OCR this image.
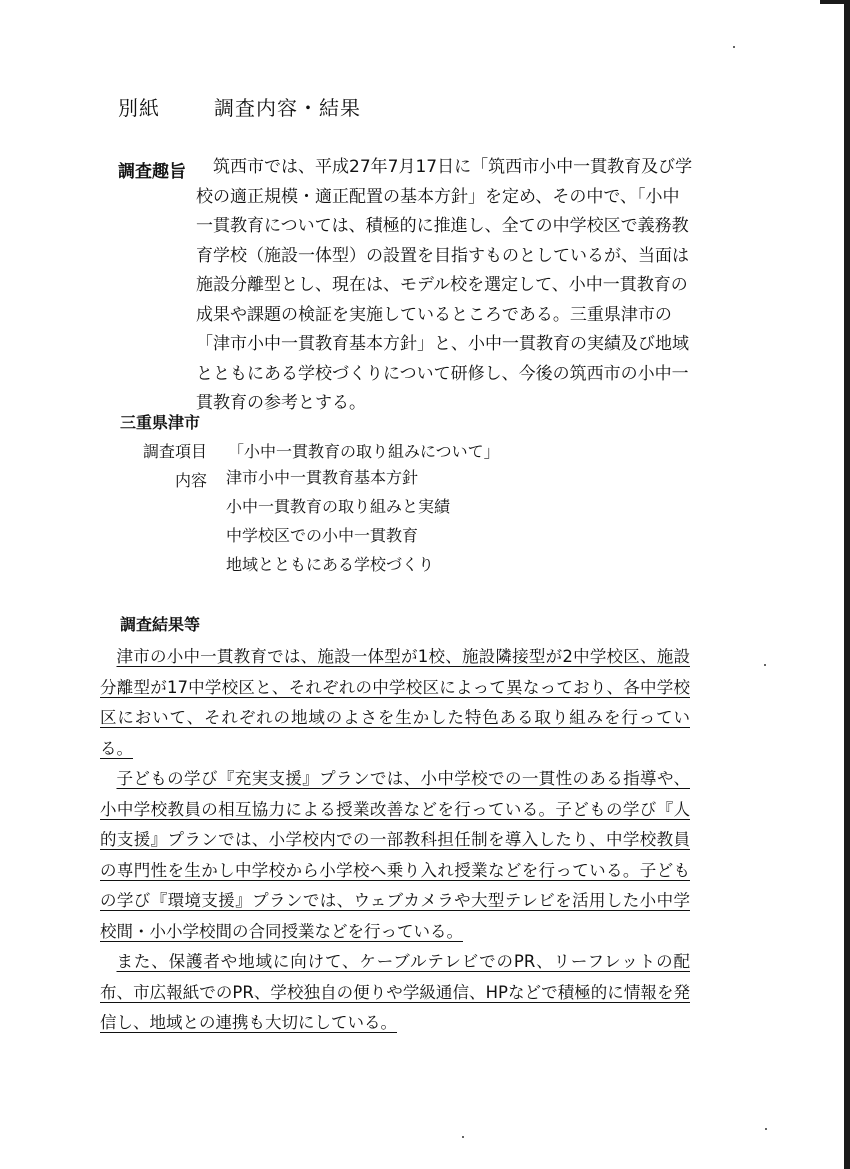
別紙	調査内容・結果
調査趣旨	筑西市では、平成27年7月17日に「筑西市小中一貫教育及び学校の適正規模・適正配置の基本方針」を定め、その中で、「小中一貫教育については、積極的に推進し、全ての中学校区で義務教育学校（施設一体型）の設置を目指すものとしているが、当面は施設分離型とし、現在は、モデル校を選定して、小中一貫教育の成果や課題の検証を実施しているところである。三重県津市の「津市小中一貫教育基本方針」と、小中一貫教育の実績及び地域とともにある学校づくりについて研修し、今後の筑西市の小中一貫教育の参考とする。

三重県津市
調査項目 「小中一貫教育の取り組みについて」
内容 津市小中一貫教育基本方針
小中一貫教育の取り組みと実績
中学校区での小中一貫教育
地域とともにある学校づくり
調査結果等

津市の小中一貫教育では、施設一体型が1校、施設隣接型が2中学校区、施設分離型が17中学校区と、それぞれの中学校区によって異なっており、各中学校区において、それぞれの地域のよさを生かした特色ある取り組みを行っている。

子どもの学び『充実支援』プランでは、小中学校での一貫性のある指導や、小中学校教員の相互協力による授業改善などを行っている。子どもの学び『人的支援』プランでは、小学校内での一部教科担任制を導入したり、中学校教員の専門性を生かし中学校から小学校へ乗り入れ授業などを行っている。子どもの学び『環境支援』プランでは、ウェブカメラや大型テレビを活用した小中学校間・小小学校間の合同授業などを行っている。

また、保護者や地域に向けて、ケーブルテレビでのPR、リーフレットの配布、市広報紙でのPR、学校独自の便りや学級通信、HPなどで積極的に情報を発信し、地域との連携も大切にしている。
